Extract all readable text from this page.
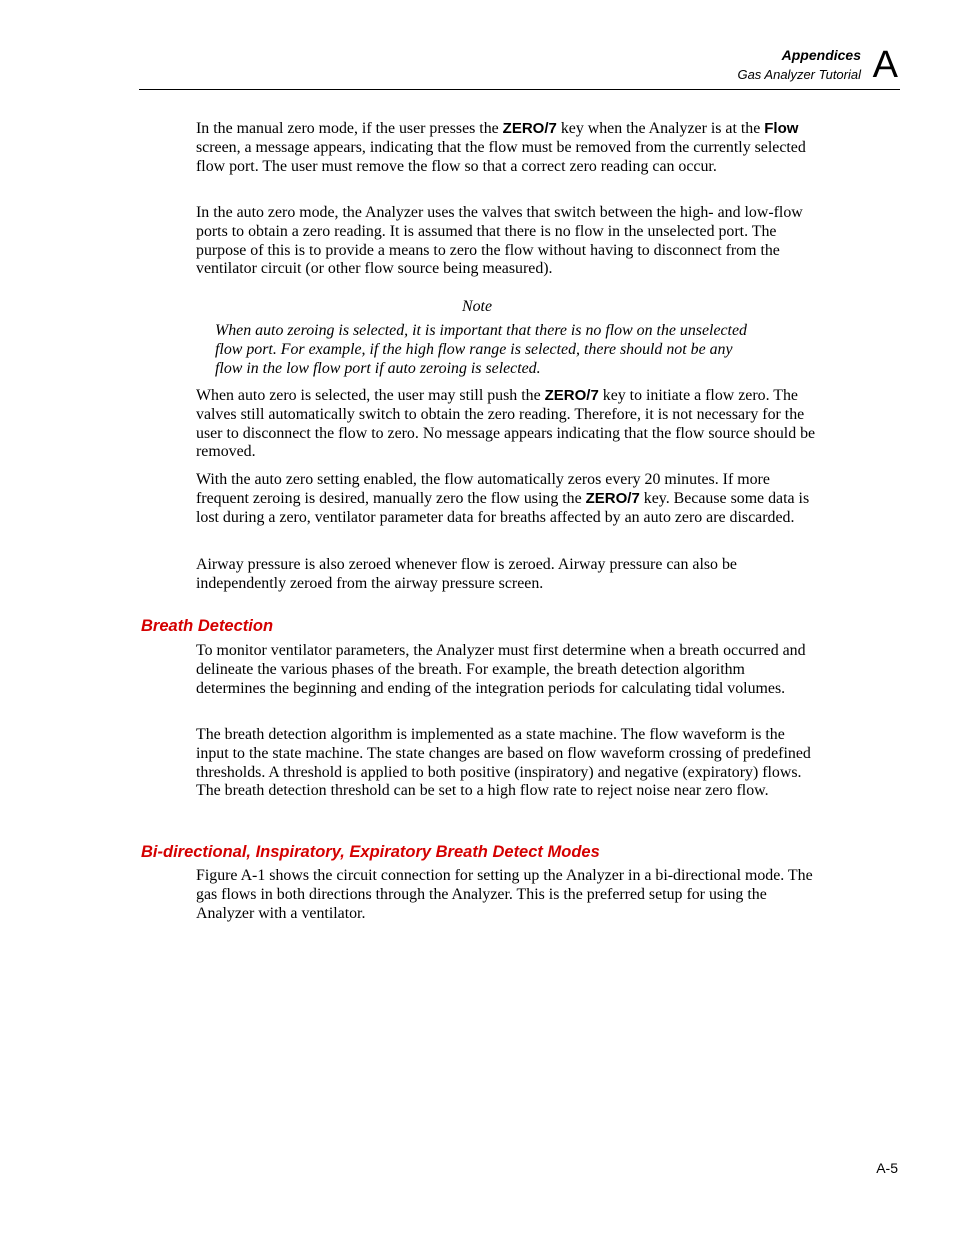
Appendices
Gas Analyzer Tutorial A

In the manual zero mode, if the user presses the ZERO/7 key when the Analyzer is at the Flow screen, a message appears, indicating that the flow must be removed from the currently selected flow port. The user must remove the flow so that a correct zero reading can occur.

In the auto zero mode, the Analyzer uses the valves that switch between the high- and low-flow ports to obtain a zero reading. It is assumed that there is no flow in the unselected port. The purpose of this is to provide a means to zero the flow without having to disconnect from the ventilator circuit (or other flow source being measured).

Note

When auto zeroing is selected, it is important that there is no flow on the unselected flow port. For example, if the high flow range is selected, there should not be any flow in the low flow port if auto zeroing is selected.

When auto zero is selected, the user may still push the ZERO/7 key to initiate a flow zero. The valves still automatically switch to obtain the zero reading. Therefore, it is not necessary for the user to disconnect the flow to zero. No message appears indicating that the flow source should be removed.

With the auto zero setting enabled, the flow automatically zeros every 20 minutes. If more frequent zeroing is desired, manually zero the flow using the ZERO/7 key. Because some data is lost during a zero, ventilator parameter data for breaths affected by an auto zero are discarded.

Airway pressure is also zeroed whenever flow is zeroed. Airway pressure can also be independently zeroed from the airway pressure screen.

Breath Detection

To monitor ventilator parameters, the Analyzer must first determine when a breath occurred and delineate the various phases of the breath. For example, the breath detection algorithm determines the beginning and ending of the integration periods for calculating tidal volumes.

The breath detection algorithm is implemented as a state machine. The flow waveform is the input to the state machine. The state changes are based on flow waveform crossing of predefined thresholds. A threshold is applied to both positive (inspiratory) and negative (expiratory) flows. The breath detection threshold can be set to a high flow rate to reject noise near zero flow.

Bi-directional, Inspiratory, Expiratory Breath Detect Modes

Figure A-1 shows the circuit connection for setting up the Analyzer in a bi-directional mode. The gas flows in both directions through the Analyzer. This is the preferred setup for using the Analyzer with a ventilator.

A-5
